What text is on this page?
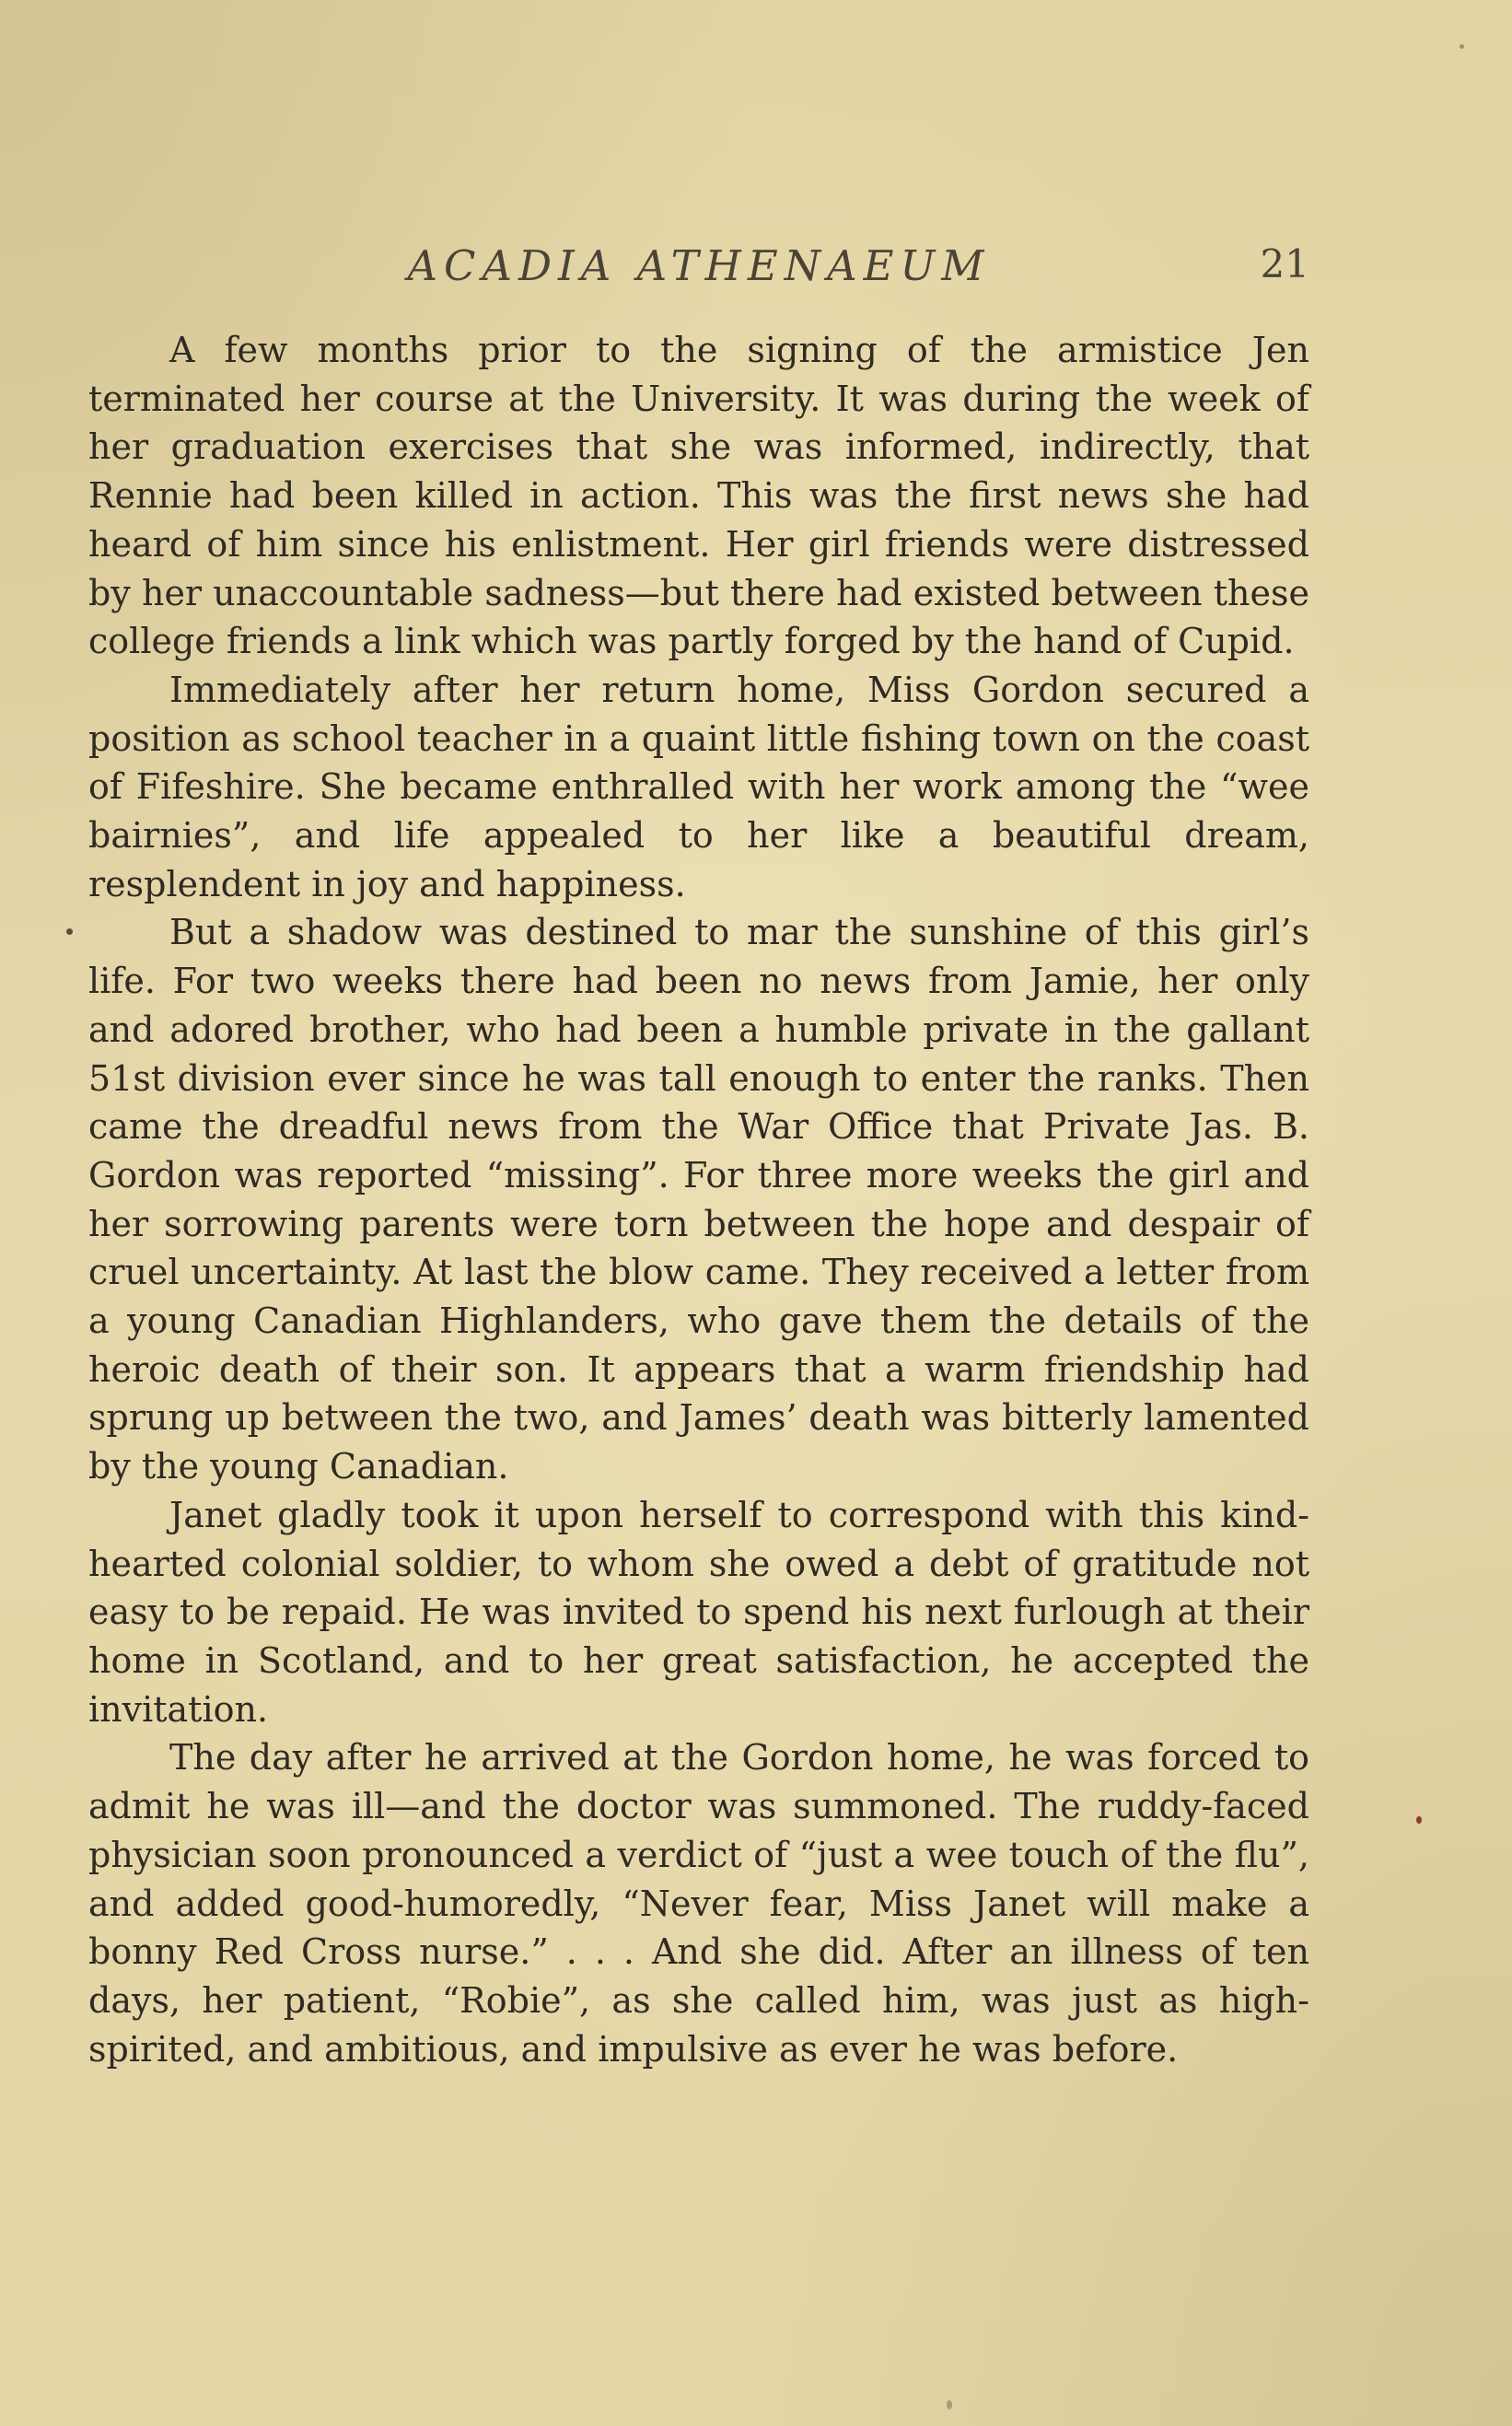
ACADIA ATHENAEUM	21

A few months prior to the signing of the armistice Jen terminated her course at the University. It was during the week of her graduation exercises that she was informed, indirectly, that Rennie had been killed in action. This was the first news she had heard of him since his enlistment. Her girl friends were distressed by her unaccountable sadness—but there had existed between these college friends a link which was partly forged by the hand of Cupid.

Immediately after her return home, Miss Gordon secured a position as school teacher in a quaint little fishing town on the coast of Fifeshire. She became enthralled with her work among the “wee bairnies”, and life appealed to her like a beautiful dream, resplendent in joy and happiness.

But a shadow was destined to mar the sunshine of this girl’s life. For two weeks there had been no news from Jamie, her only and adored brother, who had been a humble private in the gallant 51st division ever since he was tall enough to enter the ranks. Then came the dreadful news from the War Office that Private Jas. B. Gordon was reported “missing”. For three more weeks the girl and her sorrowing parents were torn between the hope and despair of cruel uncertainty. At last the blow came. They received a letter from a young Canadian Highlanders, who gave them the details of the heroic death of their son. It appears that a warm friendship had sprung up between the two, and James’ death was bitterly lamented by the young Canadian.

Janet gladly took it upon herself to correspond with this kind-hearted colonial soldier, to whom she owed a debt of gratitude not easy to be repaid. He was invited to spend his next furlough at their home in Scotland, and to her great satisfaction, he accepted the invitation.

The day after he arrived at the Gordon home, he was forced to admit he was ill—and the doctor was summoned. The ruddy-faced physician soon pronounced a verdict of “just a wee touch of the flu”, and added good-humoredly, “Never fear, Miss Janet will make a bonny Red Cross nurse.” . . . And she did. After an illness of ten days, her patient, “Robie”, as she called him, was just as highspirited, and ambitious, and impulsive as ever he was before.
